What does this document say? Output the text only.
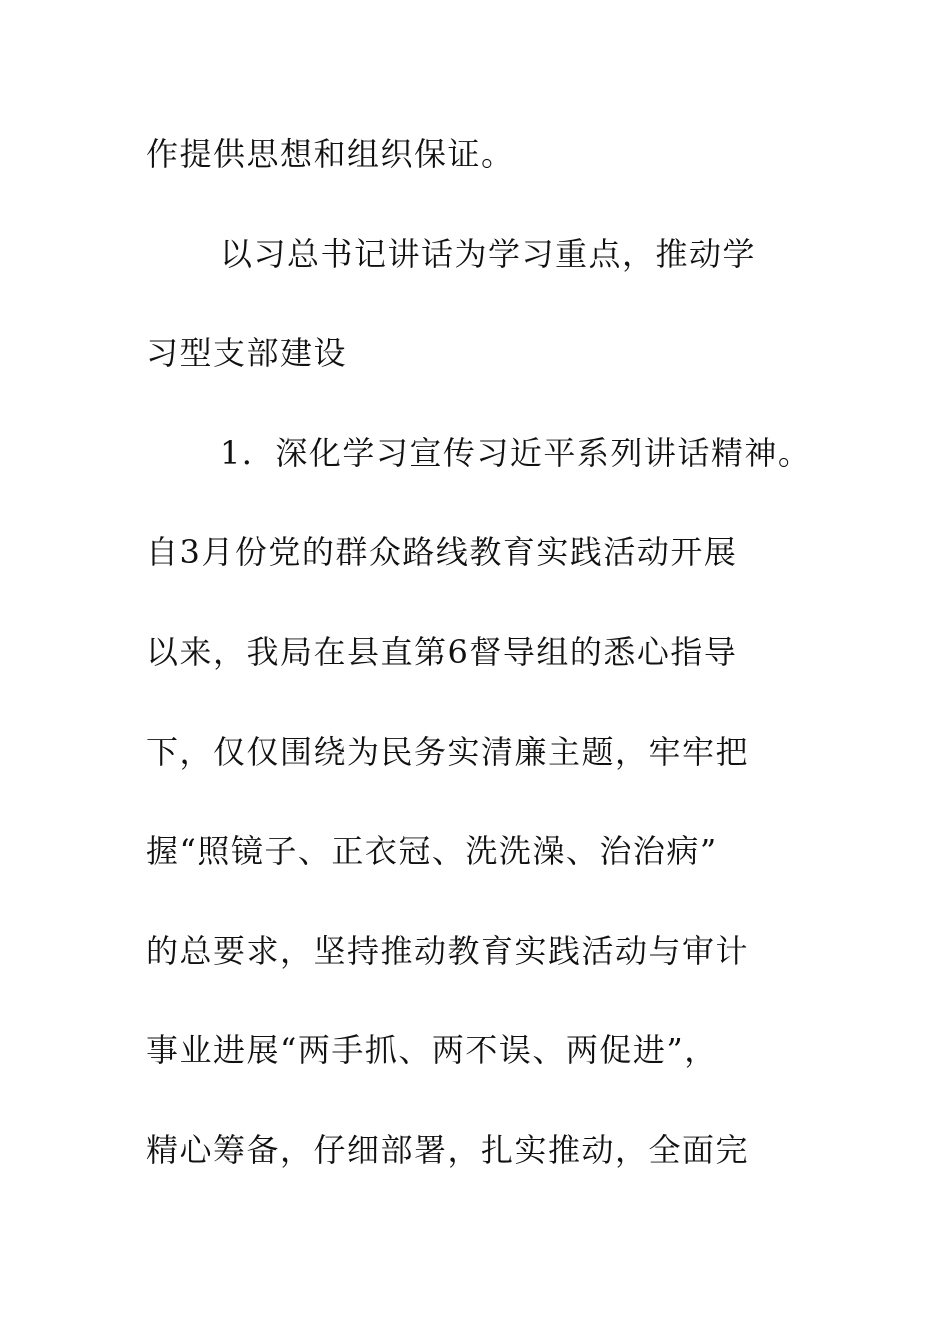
作提供思想和组织保证。
以习总书记讲话为学习重点，推动学
习型支部建设
1．深化学习宣传习近平系列讲话精神。
自3月份党的群众路线教育实践活动开展
以来，我局在县直第6督导组的悉心指导
下，仅仅围绕为民务实清廉主题，牢牢把
握“照镜子、正衣冠、洗洗澡、治治病”
的总要求，坚持推动教育实践活动与审计
事业进展“两手抓、两不误、两促进”，
精心筹备，仔细部署，扎实推动，全面完
